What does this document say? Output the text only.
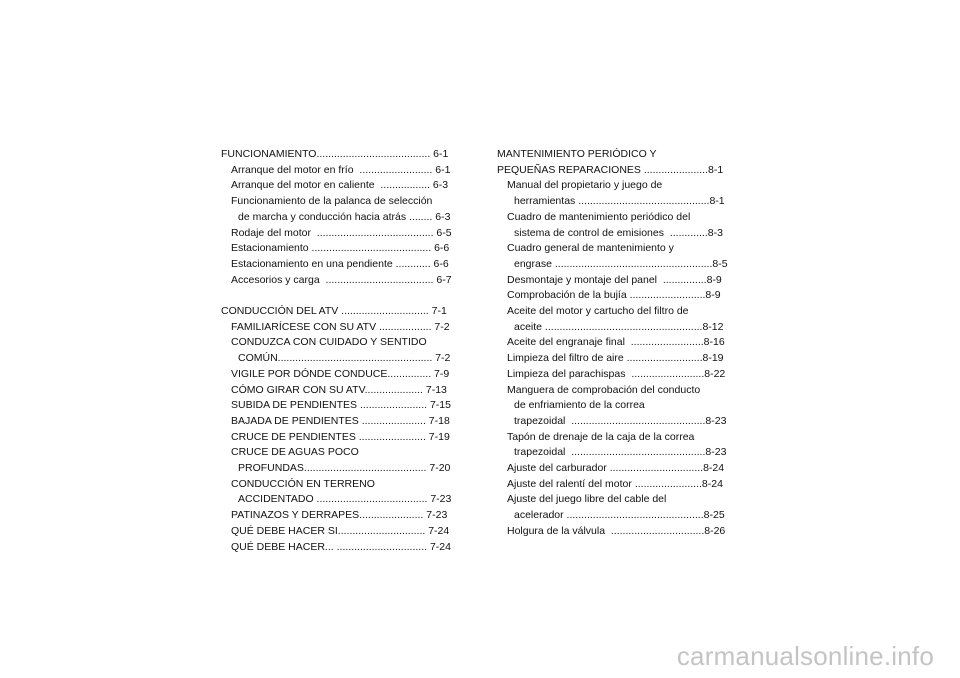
FUNCIONAMIENTO....................................... 6-1
Arranque del motor en frío  ......................... 6-1
Arranque del motor en caliente  ................. 6-3
Funcionamiento de la palanca de selección
de marcha y conducción hacia atrás ........ 6-3
Rodaje del motor  ........................................ 6-5
Estacionamiento ......................................... 6-6
Estacionamiento en una pendiente ............ 6-6
Accesorios y carga  ..................................... 6-7
CONDUCCIÓN DEL ATV .............................. 7-1
FAMILIARÍCESE CON SU ATV .................. 7-2
CONDUZCA CON CUIDADO Y SENTIDO
COMÚN..................................................... 7-2
VIGILE POR DÓNDE CONDUCE............... 7-9
CÓMO GIRAR CON SU ATV.................... 7-13
SUBIDA DE PENDIENTES ....................... 7-15
BAJADA DE PENDIENTES ...................... 7-18
CRUCE DE PENDIENTES ....................... 7-19
CRUCE DE AGUAS POCO
PROFUNDAS.......................................... 7-20
CONDUCCIÓN EN TERRENO
ACCIDENTADO ...................................... 7-23
PATINAZOS Y DERRAPES...................... 7-23
QUÉ DEBE HACER SI.............................. 7-24
QUÉ DEBE HACER... ............................... 7-24
MANTENIMIENTO PERIÓDICO Y
PEQUEÑAS REPARACIONES ......................8-1
Manual del propietario y juego de
herramientas .............................................8-1
Cuadro de mantenimiento periódico del
sistema de control de emisiones  .............8-3
Cuadro general de mantenimiento y
engrase ......................................................8-5
Desmontaje y montaje del panel  ...............8-9
Comprobación de la bujía ..........................8-9
Aceite del motor y cartucho del filtro de
aceite ......................................................8-12
Aceite del engranaje final  .........................8-16
Limpieza del filtro de aire ..........................8-19
Limpieza del parachispas  .........................8-22
Manguera de comprobación del conducto
de enfriamiento de la correa
trapezoidal  ..............................................8-23
Tapón de drenaje de la caja de la correa
trapezoidal  ..............................................8-23
Ajuste del carburador ................................8-24
Ajuste del ralentí del motor .......................8-24
Ajuste del juego libre del cable del
acelerador ...............................................8-25
Holgura de la válvula  ................................8-26
carmanualsonline.info
